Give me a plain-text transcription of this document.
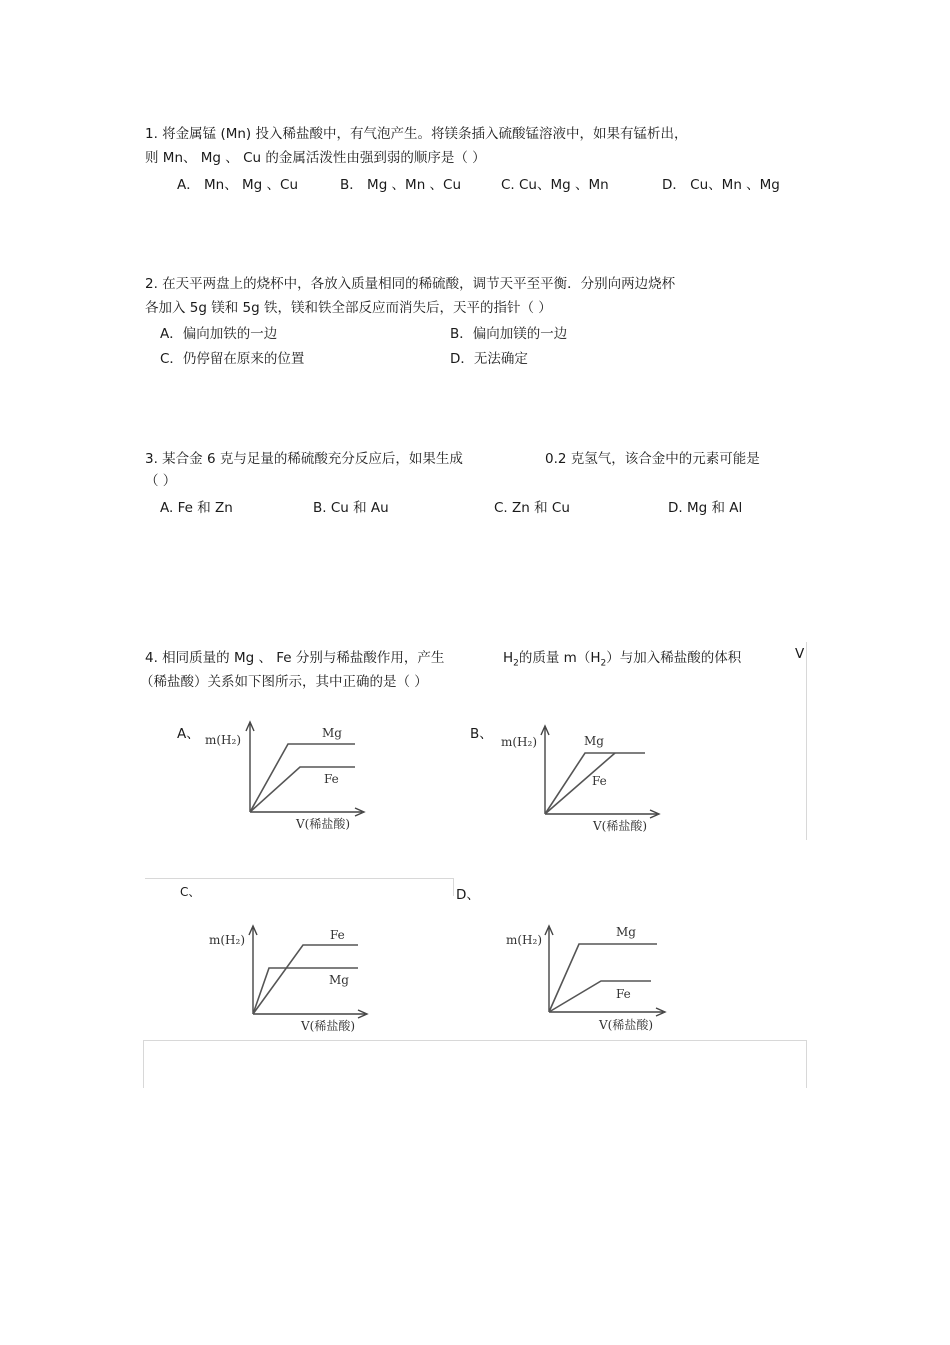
1. 将金属锰 (Mn) 投入稀盐酸中，有气泡产生。将镁条插入硫酸锰溶液中，如果有锰析出，
则 Mn、 Mg 、 Cu 的金属活泼性由强到弱的顺序是（ ）
A． Mn、 Mg 、Cu	B． Mg 、Mn 、Cu	C. Cu、Mg 、Mn	D． Cu、Mn 、Mg
2. 在天平两盘上的烧杯中，各放入质量相同的稀硫酸，调节天平至平衡．分别向两边烧杯
各加入 5g 镁和 5g 铁，镁和铁全部反应而消失后，天平的指针（ ）
A．偏向加铁的一边	B．偏向加镁的一边
C．仍停留在原来的位置	D．无法确定
3. 某合金 6 克与足量的稀硫酸充分反应后，如果生成	0.2 克氢气，该合金中的元素可能是
（ ）
A. Fe 和 Zn	B. Cu 和 Au	C. Zn 和 Cu	D. Mg 和 Al
4. 相同质量的 Mg 、 Fe 分别与稀盐酸作用，产生	$H_2$的质量 $m(H_2)$与加入稀盐酸的体积	V
（稀盐酸）关系如下图所示，其中正确的是（ ）
A、 m(H₂)
V(稀盐酸)
Mg
Fe
B、 m(H₂)
V(稀盐酸)
Mg
Fe
C、
m(H₂)
V(稀盐酸)
Fe
Mg
D、
m(H₂)
V(稀盐酸)
Mg
Fe
